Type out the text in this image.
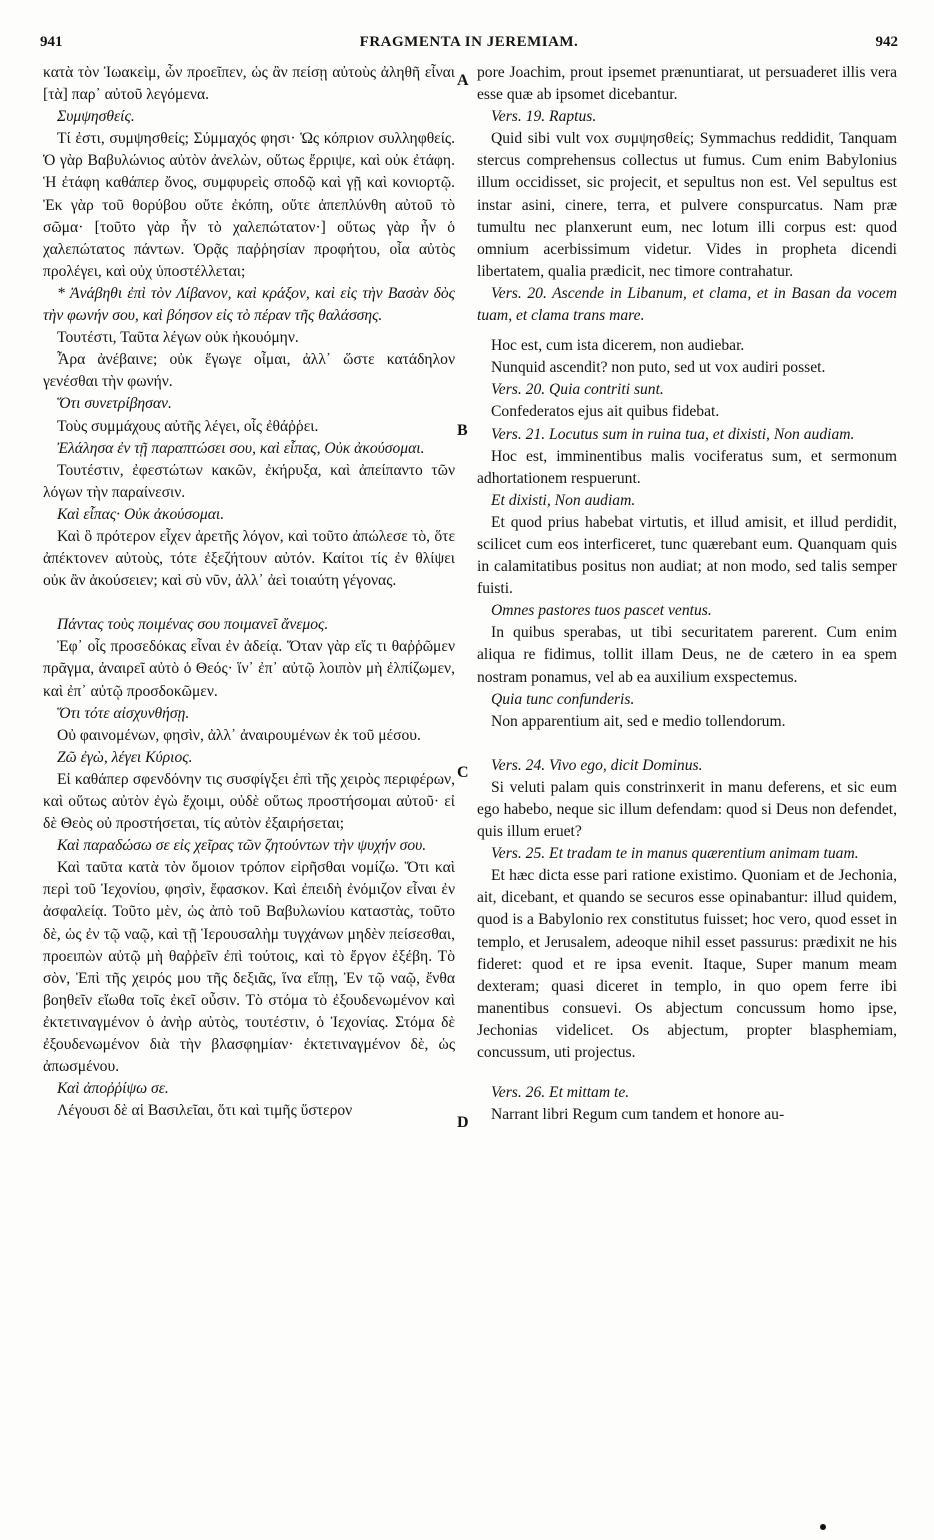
941	FRAGMENTA IN JEREMIAM.	942
A
B
C
D

κατὰ τὸν Ἰωακεὶμ, ὧν προεῖπεν, ὡς ἂν πείσῃ αὐτοὺς ἀληθῆ εἶναι [τὰ] παρ᾽ αὐτοῦ λεγόμενα.

Συμψησθείς.

Τί ἐστι, συμψησθείς; Σύμμαχός φησι· Ὡς κόπριον συλληφθείς. Ὁ γὰρ Βαβυλώνιος αὐτὸν ἀνελὼν, οὕτως ἔρριψε, καὶ οὐκ ἐτάφη. Ἡ ἐτάφη καθάπερ ὄνος, συμφυρεὶς σποδῷ καὶ γῇ καὶ κονιορτῷ. Ἐκ γὰρ τοῦ θορύβου οὔτε ἐκόπη, οὔτε ἀπεπλύνθη αὐτοῦ τὸ σῶμα· [τοῦτο γὰρ ἦν τὸ χαλεπώτατον·] οὕτως γὰρ ἦν ὁ χαλεπώτατος πάντων. Ὁρᾷς παῤῥησίαν προφήτου, οἷα αὐτὸς προλέγει, καὶ οὐχ ὑποστέλλεται;

* Ἀνάβηθι ἐπὶ τὸν Λίβανον, καὶ κράξον, καὶ εἰς τὴν Βασὰν δὸς τὴν φωνήν σου, καὶ βόησον εἰς τὸ πέραν τῆς θαλάσσης.

Τουτέστι, Ταῦτα λέγων οὐκ ἠκουόμην.

Ἆρα ἀνέβαινε; οὐκ ἔγωγε οἶμαι, ἀλλ᾽ ὥστε κατάδηλον γενέσθαι τὴν φωνήν.

Ὅτι συνετρίβησαν.

Τοὺς συμμάχους αὐτῆς λέγει, οἷς ἐθάῤῥει.

Ἐλάλησα ἐν τῇ παραπτώσει σου, καὶ εἶπας, Οὐκ ἀκούσομαι.

Τουτέστιν, ἐφεστώτων κακῶν, ἐκήρυξα, καὶ ἀπείπαντο τῶν λόγων τὴν παραίνεσιν.

Καὶ εἶπας· Οὐκ ἀκούσομαι.

Καὶ ὃ πρότερον εἶχεν ἀρετῆς λόγον, καὶ τοῦτο ἀπώλεσε τὸ, ὅτε ἀπέκτονεν αὐτοὺς, τότε ἐξεζήτουν αὐτόν. Καίτοι τίς ἐν θλίψει οὐκ ἂν ἀκούσειεν; καὶ σὺ νῦν, ἀλλ᾽ ἀεὶ τοιαύτη γέγονας.

Πάντας τοὺς ποιμένας σου ποιμανεῖ ἄνεμος.

Ἐφ᾽ οἷς προσεδόκας εἶναι ἐν ἀδείᾳ. Ὅταν γὰρ εἴς τι θαῤῥῶμεν πρᾶγμα, ἀναιρεῖ αὐτὸ ὁ Θεός· ἵν᾽ ἐπ᾽ αὐτῷ λοιπὸν μὴ ἐλπίζωμεν, καὶ ἐπ᾽ αὐτῷ προσδοκῶμεν.

Ὅτι τότε αἰσχυνθήσῃ.

Οὐ φαινομένων, φησὶν, ἀλλ᾽ ἀναιρουμένων ἐκ τοῦ μέσου.

Ζῶ ἐγὼ, λέγει Κύριος.

Εἰ καθάπερ σφενδόνην τις συσφίγξει ἐπὶ τῆς χειρὸς περιφέρων, καὶ οὕτως αὐτὸν ἐγὼ ἔχοιμι, οὐδὲ οὕτως προστήσομαι αὐτοῦ· εἰ δὲ Θεὸς οὐ προστήσεται, τίς αὐτὸν ἐξαιρήσεται;

Καὶ παραδώσω σε εἰς χεῖρας τῶν ζητούντων τὴν ψυχήν σου.

Καὶ ταῦτα κατὰ τὸν ὅμοιον τρόπον εἰρῆσθαι νομίζω. Ὅτι καὶ περὶ τοῦ Ἰεχονίου, φησὶν, ἔφασκον. Καὶ ἐπειδὴ ἐνόμιζον εἶναι ἐν ἀσφαλείᾳ. Τοῦτο μὲν, ὡς ἀπὸ τοῦ Βαβυλωνίου καταστὰς, τοῦτο δὲ, ὡς ἐν τῷ ναῷ, καὶ τῇ Ἱερουσαλὴμ τυγχάνων μηδὲν πείσεσθαι, προειπὼν αὐτῷ μὴ θαῤῥεῖν ἐπὶ τούτοις, καὶ τὸ ἔργον ἐξέβη. Τὸ σὸν, Ἐπὶ τῆς χειρός μου τῆς δεξιᾶς, ἵνα εἴπῃ, Ἐν τῷ ναῷ, ἔνθα βοηθεῖν εἴωθα τοῖς ἐκεῖ οὖσιν. Τὸ στόμα τὸ ἐξουδενωμένον καὶ ἐκτετιναγμένον ὁ ἀνὴρ αὐτὸς, τουτέστιν, ὁ Ἰεχονίας. Στόμα δὲ ἐξουδενωμένον διὰ τὴν βλασφημίαν· ἐκτετιναγμένον δὲ, ὡς ἀπωσμένου.

Καὶ ἀποῤῥίψω σε.

Λέγουσι δὲ αἱ Βασιλεῖαι, ὅτι καὶ τιμῆς ὕστερον

pore Joachim, prout ipsemet prænuntiarat, ut persuaderet illis vera esse quæ ab ipsomet dicebantur.

Vers. 19. Raptus.

Quid sibi vult vox συμψησθείς; Symmachus reddidit, Tanquam stercus comprehensus collectus ut fumus. Cum enim Babylonius illum occidisset, sic projecit, et sepultus non est. Vel sepultus est instar asini, cinere, terra, et pulvere conspurcatus. Nam præ tumultu nec planxerunt eum, nec lotum illi corpus est: quod omnium acerbissimum videtur. Vides in propheta dicendi libertatem, qualia prædicit, nec timore contrahatur.

Vers. 20. Ascende in Libanum, et clama, et in Basan da vocem tuam, et clama trans mare.

Hoc est, cum ista dicerem, non audiebar.

Nunquid ascendit? non puto, sed ut vox audiri posset.

Vers. 20. Quia contriti sunt.

Confederatos ejus ait quibus fidebat.

Vers. 21. Locutus sum in ruina tua, et dixisti, Non audiam.

Hoc est, imminentibus malis vociferatus sum, et sermonum adhortationem respuerunt.

Et dixisti, Non audiam.

Et quod prius habebat virtutis, et illud amisit, et illud perdidit, scilicet cum eos interficeret, tunc quærebant eum. Quanquam quis in calamitatibus positus non audiat; at non modo, sed talis semper fuisti.

Omnes pastores tuos pascet ventus.

In quibus sperabas, ut tibi securitatem parerent. Cum enim aliqua re fidimus, tollit illam Deus, ne de cætero in ea spem nostram ponamus, vel ab ea auxilium exspectemus.

Quia tunc confunderis.

Non apparentium ait, sed e medio tollendorum.

Vers. 24. Vivo ego, dicit Dominus.

Si veluti palam quis constrinxerit in manu deferens, et sic eum ego habebo, neque sic illum defendam: quod si Deus non defendet, quis illum eruet?

Vers. 25. Et tradam te in manus quærentium animam tuam.

Et hæc dicta esse pari ratione existimo. Quoniam et de Jechonia, ait, dicebant, et quando se securos esse opinabantur: illud quidem, quod is a Babylonio rex constitutus fuisset; hoc vero, quod esset in templo, et Jerusalem, adeoque nihil esset passurus: prædixit ne his fideret: quod et re ipsa evenit. Itaque, Super manum meam dexteram; quasi diceret in templo, in quo opem ferre ibi manentibus consuevi. Os abjectum concussum homo ipse, Jechonias videlicet. Os abjectum, propter blasphemiam, concussum, uti projectus.

Vers. 26. Et mittam te.

Narrant libri Regum cum tandem et honore au-
